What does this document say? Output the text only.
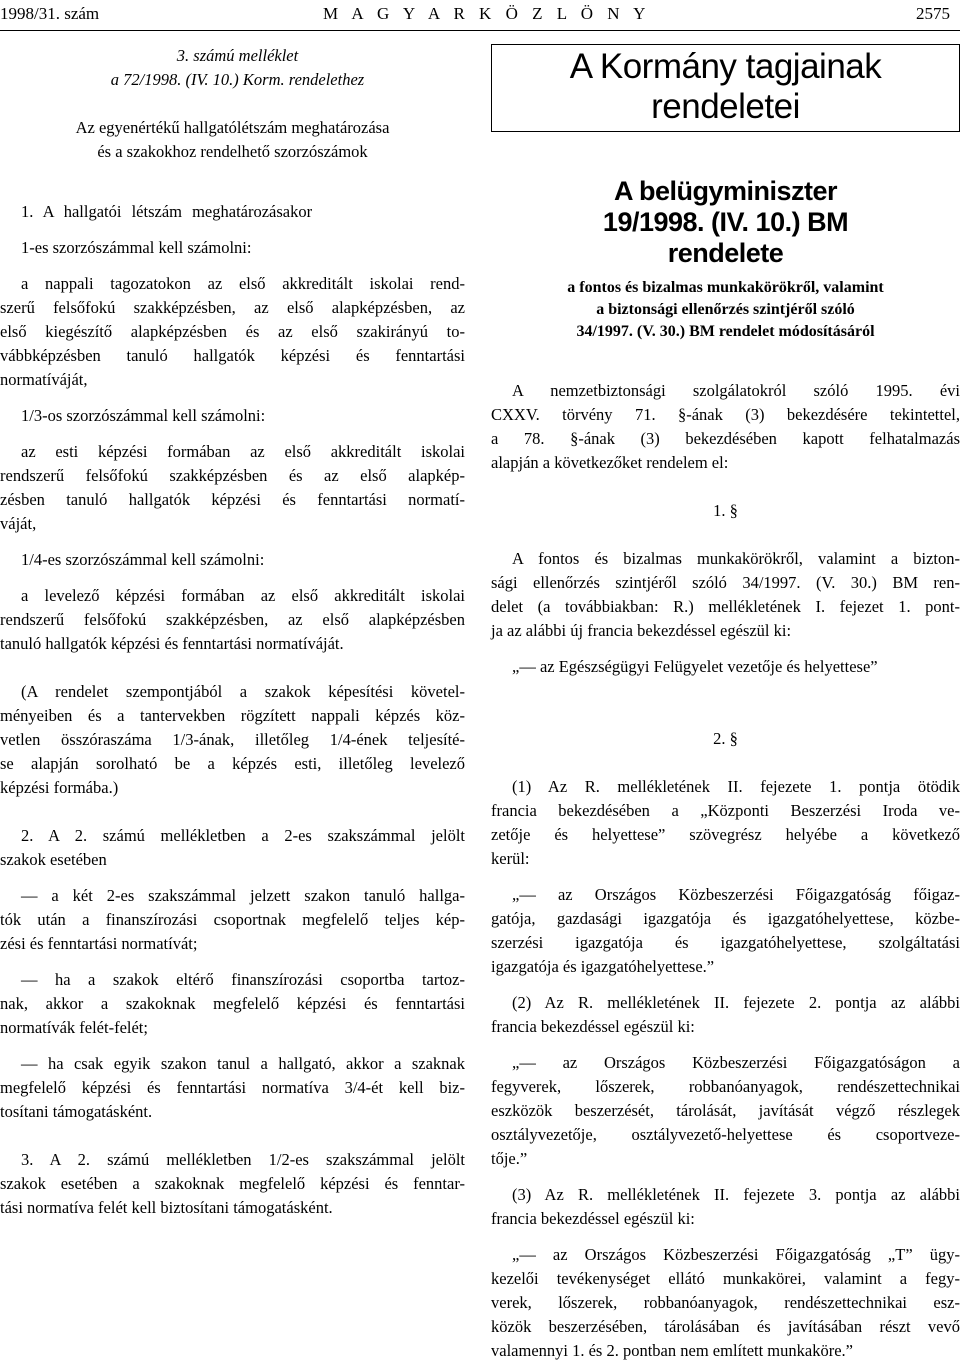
1998/31. szám	M A G Y A R K Ö Z L Ö N Y	2575

3. számú melléklet

a 72/1998. (IV. 10.) Korm. rendelethez

Az egyenértékű hallgatólétszám meghatározása

és a szakokhoz rendelhető szorzószámok

1. A hallgatói létszám meghatározásakor

1-es szorzószámmal kell számolni:

a nappali tagozatokon az első akkreditált iskolai rend-

szerű felsőfokú szakképzésben, az első alapképzésben, az

első kiegészítő alapképzésben és az első szakirányú to-

vábbképzésben tanuló hallgatók képzési és fenntartási

normatíváját,

1/3-os szorzószámmal kell számolni:

az esti képzési formában az első akkreditált iskolai

rendszerű felsőfokú szakképzésben és az első alapkép-

zésben tanuló hallgatók képzési és fenntartási normatí-

váját,

1/4-es szorzószámmal kell számolni:

a levelező képzési formában az első akkreditált iskolai

rendszerű felsőfokú szakképzésben, az első alapképzésben

tanuló hallgatók képzési és fenntartási normatíváját.

(A rendelet szempontjából a szakok képesítési követel-

ményeiben és a tantervekben rögzített nappali képzés köz-

vetlen összóraszáma 1/3-ának, illetőleg 1/4-ének teljesíté-

se alapján sorolható be a képzés esti, illetőleg levelező

képzési formába.)

2. A 2. számú mellékletben a 2-es szakszámmal jelölt

szakok esetében

— a két 2-es szakszámmal jelzett szakon tanuló hallga-

tók után a finanszírozási csoportnak megfelelő teljes kép-

zési és fenntartási normatívát;

— ha a szakok eltérő finanszírozási csoportba tartoz-

nak, akkor a szakoknak megfelelő képzési és fenntartási

normatívák felét-felét;

— ha csak egyik szakon tanul a hallgató, akkor a szaknak

megfelelő képzési és fenntartási normatíva 3/4-ét kell biz-

tosítani támogatásként.

3. A 2. számú mellékletben 1/2-es szakszámmal jelölt

szakok esetében a szakoknak megfelelő képzési és fenntar-

tási normatíva felét kell biztosítani támogatásként.

A Kormány tagjainak
rendeletei

A belügyminiszter

19/1998. (IV. 10.) BM

rendelete

a fontos és bizalmas munkakörökről, valamint

a biztonsági ellenőrzés szintjéről szóló

34/1997. (V. 30.) BM rendelet módosításáról

A nemzetbiztonsági szolgálatokról szóló 1995. évi

CXXV. törvény 71. §-ának (3) bekezdésére tekintettel,

a 78. §-ának (3) bekezdésében kapott felhatalmazás

alapján a következőket rendelem el:

1. §

A fontos és bizalmas munkakörökről, valamint a bizton-

sági ellenőrzés szintjéről szóló 34/1997. (V. 30.) BM ren-

delet (a továbbiakban: R.) mellékletének I. fejezet 1. pont-

ja az alábbi új francia bekezdéssel egészül ki:

„— az Egészségügyi Felügyelet vezetője és helyettese”

2. §

(1) Az R. mellékletének II. fejezete 1. pontja ötödik

francia bekezdésében a „Központi Beszerzési Iroda ve-

zetője és helyettese” szövegrész helyébe a következő

kerül:

„— az Országos Közbeszerzési Főigazgatóság főigaz-

gatója, gazdasági igazgatója és igazgatóhelyettese, közbe-

szerzési igazgatója és igazgatóhelyettese, szolgáltatási

igazgatója és igazgatóhelyettese.”

(2) Az R. mellékletének II. fejezete 2. pontja az alábbi

francia bekezdéssel egészül ki:

„— az Országos Közbeszerzési Főigazgatóságon a

fegyverek, lőszerek, robbanóanyagok, rendészettechnikai

eszközök beszerzését, tárolását, javítását végző részlegek

osztályvezetője, osztályvezető-helyettese és csoportveze-

tője.”

(3) Az R. mellékletének II. fejezete 3. pontja az alábbi

francia bekezdéssel egészül ki:

„— az Országos Közbeszerzési Főigazgatóság „T” ügy-

kezelői tevékenységet ellátó munkakörei, valamint a fegy-

verek, lőszerek, robbanóanyagok, rendészettechnikai esz-

közök beszerzésében, tárolásában és javításában részt vevő

valamennyi 1. és 2. pontban nem említett munkaköre.”
